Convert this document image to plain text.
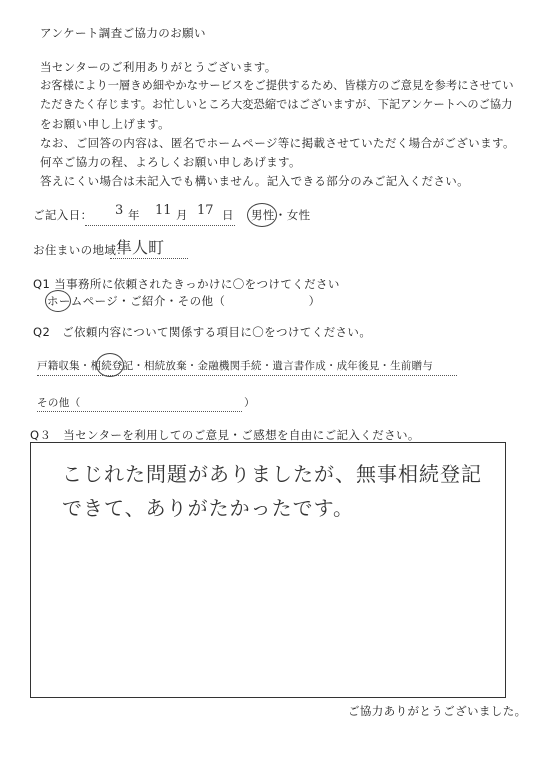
アンケート調査ご協力のお願い
当センターのご利用ありがとうございます。
お客様により一層きめ細やかなサービスをご提供するため、皆様方のご意見を参考にさせてい
ただきたく存じます。お忙しいところ大変恐縮ではございますが、下記アンケートへのご協力
をお願い申し上げます。
なお、ご回答の内容は、匿名でホームページ等に掲載させていただく場合がございます。
何卒ご協力の程、よろしくお願い申しあげます。
答えにくい場合は未記入でも構いません。記入できる部分のみご記入ください。
ご記入日： 3 年 11 月 17 日 男性・女性
お住まいの地域：
隼人町
Q1 当事務所に依頼されたきっかけに〇をつけてください
ホームページ・ご紹介・その他（　　　　　　　）
Q2　ご依頼内容について関係する項目に〇をつけてください。
戸籍収集・相続登記・相続放棄・金融機関手続・遺言書作成・成年後見・生前贈与
その他（　　　　　　　　　　　　　　　）
Q３　当センターを利用してのご意見・ご感想を自由にご記入ください。
こじれた問題がありましたが、無事相続登記
できて、ありがたかったです。
ご協力ありがとうございました。
